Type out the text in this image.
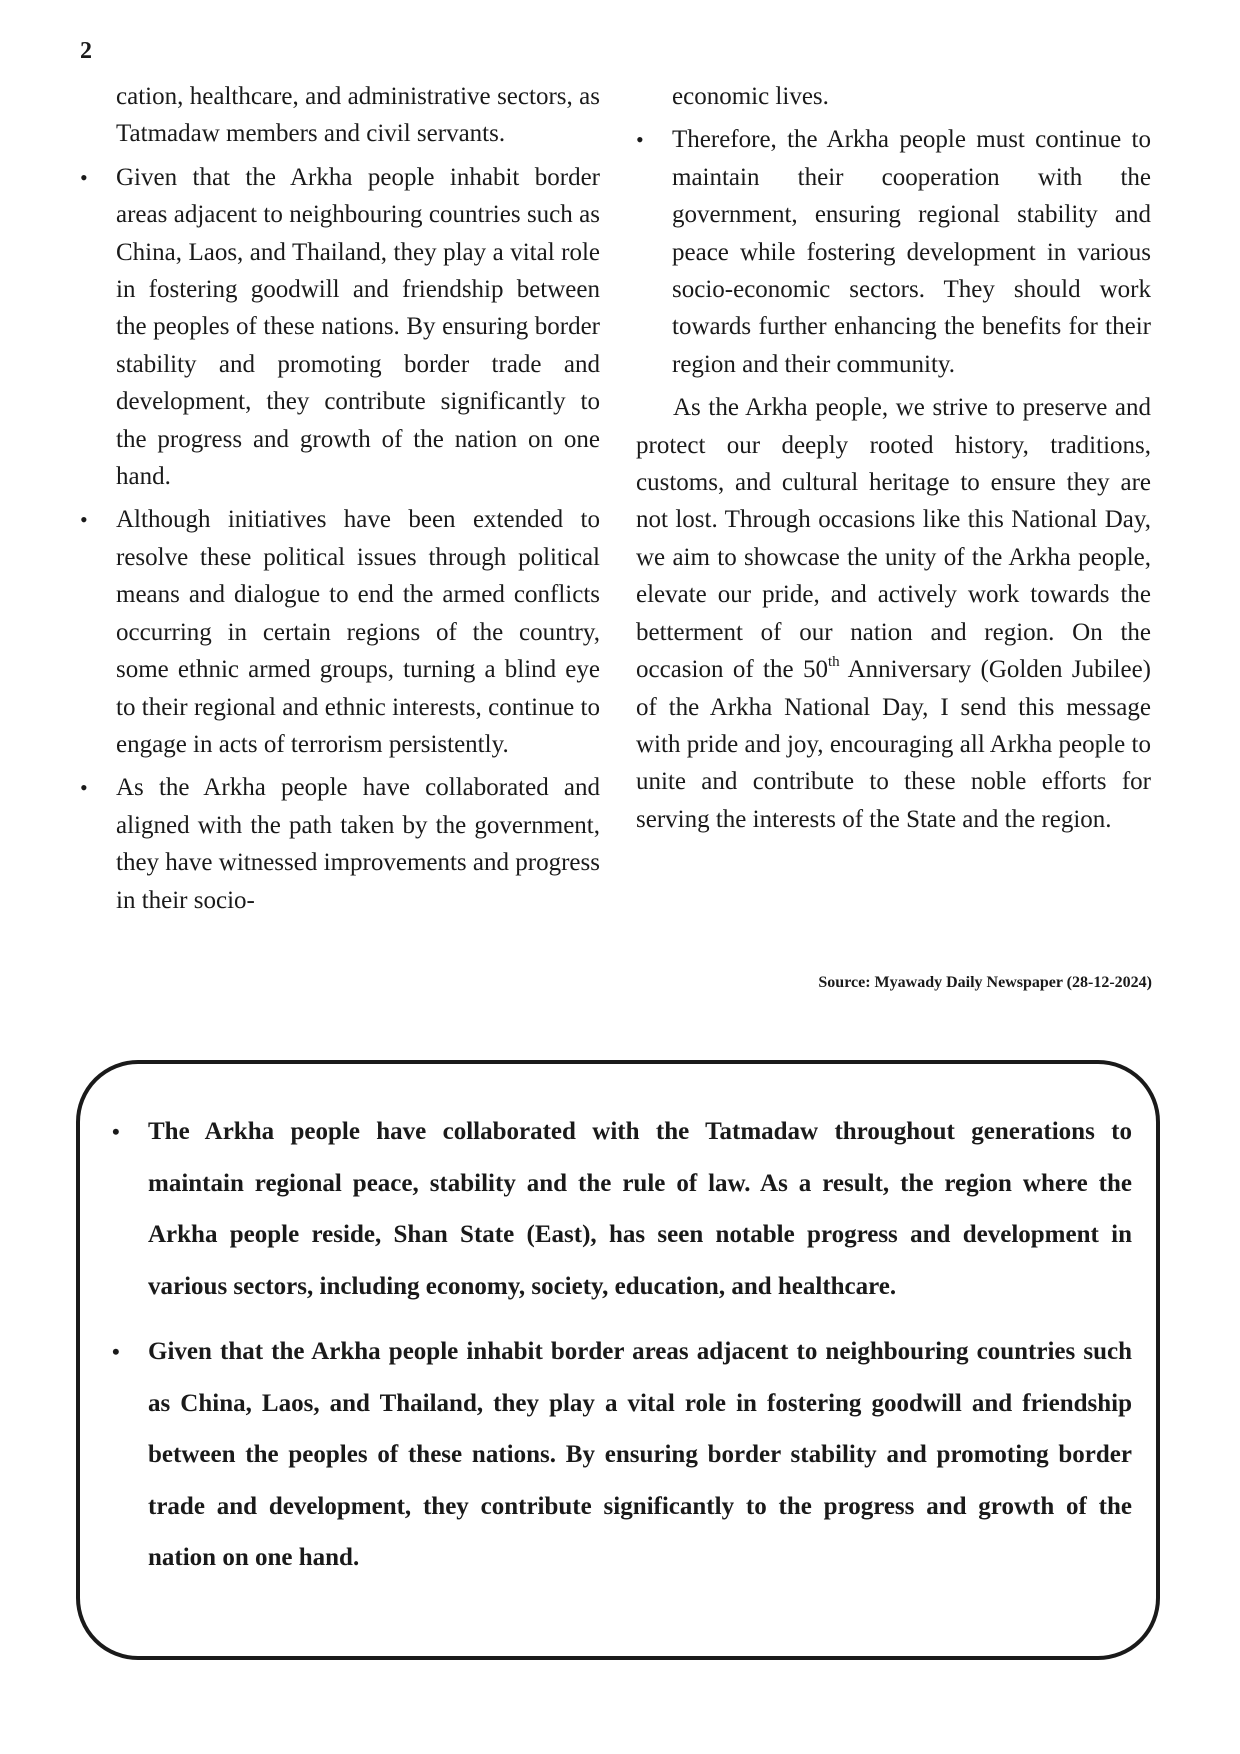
2

cation, healthcare, and administrative sectors, as Tatmadaw members and civil servants.

• Given that the Arkha people inhabit border areas adjacent to neighbouring countries such as China, Laos, and Thailand, they play a vital role in fostering goodwill and friendship between the peoples of these nations. By ensuring border stability and promoting border trade and development, they contribute significantly to the progress and growth of the nation on one hand.
• Although initiatives have been extended to resolve these political issues through political means and dialogue to end the armed conflicts occurring in certain regions of the country, some ethnic armed groups, turning a blind eye to their regional and ethnic interests, continue to engage in acts of terrorism persistently.
• As the Arkha people have collaborated and aligned with the path taken by the government, they have witnessed improvements and progress in their socio-

economic lives.

• Therefore, the Arkha people must continue to maintain their cooperation with the government, ensuring regional stability and peace while fostering development in various socio-economic sectors. They should work towards further enhancing the benefits for their region and their community.

As the Arkha people, we strive to preserve and protect our deeply rooted history, traditions, customs, and cultural heritage to ensure they are not lost. Through occasions like this National Day, we aim to showcase the unity of the Arkha people, elevate our pride, and actively work towards the betterment of our nation and region. On the occasion of the 50th Anniversary (Golden Jubilee) of the Arkha National Day, I send this message with pride and joy, encouraging all Arkha people to unite and contribute to these noble efforts for serving the interests of the State and the region.

Source: Myawady Daily Newspaper (28-12-2024)
• The Arkha people have collaborated with the Tatmadaw throughout generations to maintain regional peace, stability and the rule of law. As a result, the region where the Arkha people reside, Shan State (East), has seen notable progress and development in various sectors, including economy, society, education, and healthcare.
• Given that the Arkha people inhabit border areas adjacent to neighbouring countries such as China, Laos, and Thailand, they play a vital role in fostering goodwill and friendship between the peoples of these nations. By ensuring border stability and promoting border trade and development, they contribute significantly to the progress and growth of the nation on one hand.
